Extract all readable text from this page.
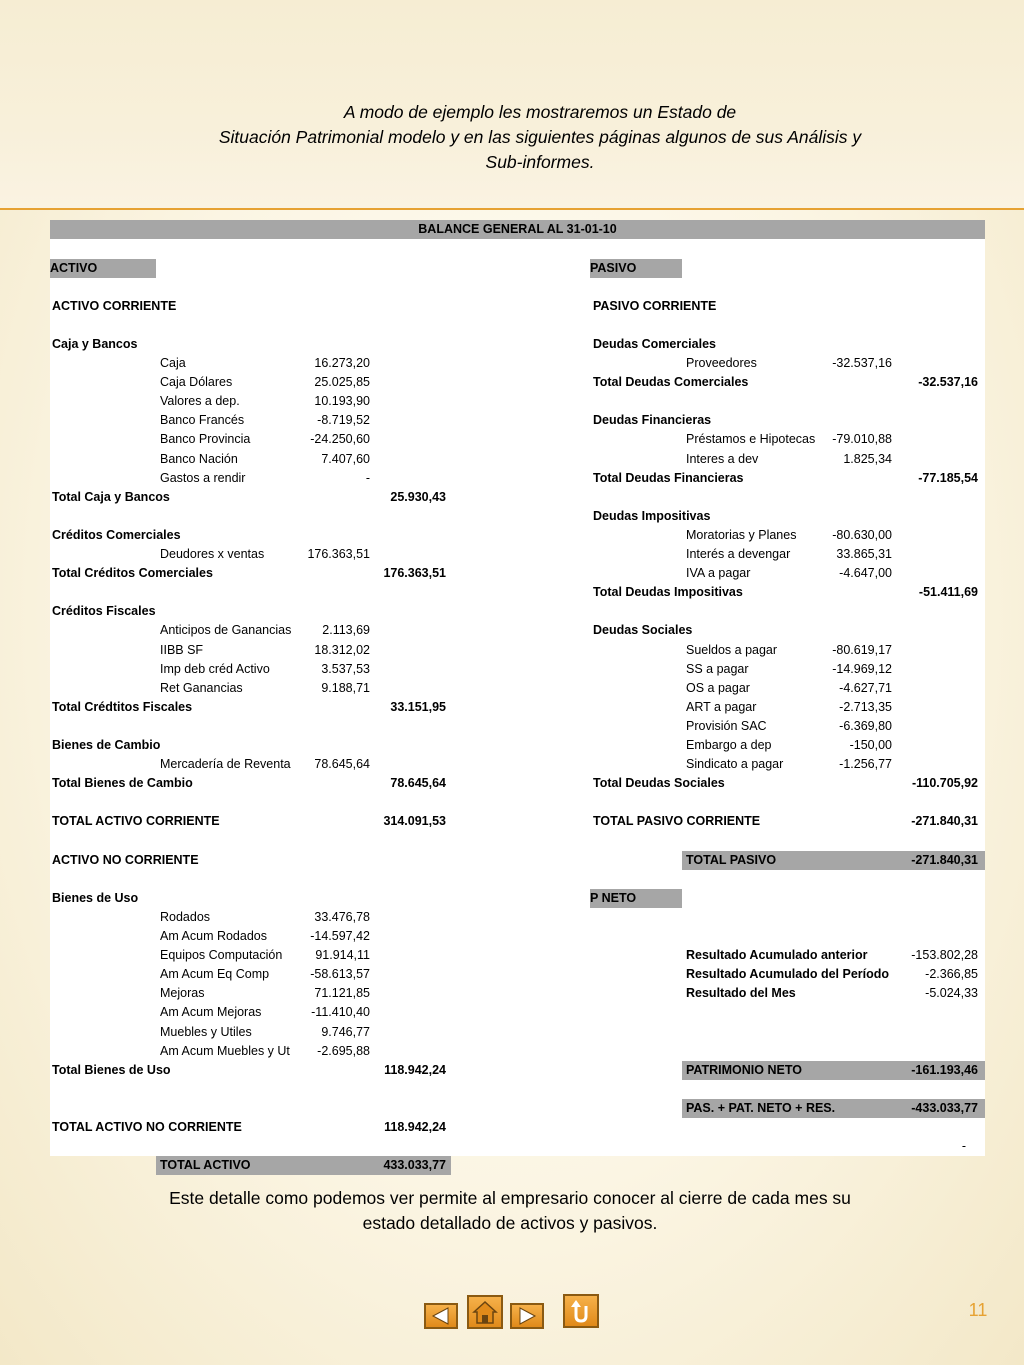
A modo de ejemplo les mostraremos un Estado de
Situación Patrimonial modelo y en las siguientes páginas algunos de sus Análisis y
Sub-informes.
BALANCE GENERAL AL 31-01-10
ACTIVO
ACTIVO CORRIENTE
Caja y Bancos
Caja	16.273,20
Caja Dólares	25.025,85
Valores a dep.	10.193,90
Banco Francés	-8.719,52
Banco Provincia	-24.250,60
Banco Nación	7.407,60
Gastos a rendir	-
Total Caja y Bancos	25.930,43
Créditos Comerciales
Deudores x ventas	176.363,51
Total Créditos Comerciales	176.363,51
Créditos Fiscales
Anticipos de Ganancias	2.113,69
IIBB SF	18.312,02
Imp deb créd Activo	3.537,53
Ret Ganancias	9.188,71
Total Crédtitos Fiscales	33.151,95
Bienes de Cambio
Mercadería de Reventa	78.645,64
Total Bienes de Cambio	78.645,64
TOTAL ACTIVO CORRIENTE	314.091,53
ACTIVO NO CORRIENTE
Bienes de Uso
Rodados	33.476,78
Am Acum Rodados	-14.597,42
Equipos Computación	91.914,11
Am Acum Eq Comp	-58.613,57
Mejoras	71.121,85
Am Acum Mejoras	-11.410,40
Muebles y Utiles	9.746,77
Am Acum Muebles y Ut	-2.695,88
Total Bienes de Uso	118.942,24
TOTAL ACTIVO NO CORRIENTE	118.942,24
TOTAL ACTIVO	433.033,77
PASIVO
PASIVO CORRIENTE
Deudas Comerciales
Proveedores	-32.537,16
Total Deudas Comerciales	-32.537,16
Deudas Financieras
Préstamos e Hipotecas	-79.010,88
Interes a dev	1.825,34
Total Deudas Financieras	-77.185,54
Deudas Impositivas
Moratorias y Planes	-80.630,00
Interés a devengar	33.865,31
IVA a pagar	-4.647,00
Total Deudas Impositivas	-51.411,69
Deudas Sociales
Sueldos a pagar	-80.619,17
SS a pagar	-14.969,12
OS a pagar	-4.627,71
ART a pagar	-2.713,35
Provisión SAC	-6.369,80
Embargo a dep	-150,00
Sindicato a pagar	-1.256,77
Total Deudas Sociales	-110.705,92
TOTAL PASIVO CORRIENTE	-271.840,31
TOTAL PASIVO	-271.840,31
P NETO
Resultado Acumulado anterior	-153.802,28
Resultado Acumulado del Período	-2.366,85
Resultado del Mes	-5.024,33
PATRIMONIO NETO	-161.193,46
PAS. + PAT. NETO + RES.	-433.033,77
-
Este detalle como podemos ver permite al empresario conocer al cierre de cada mes su
estado detallado de activos y pasivos.
11
